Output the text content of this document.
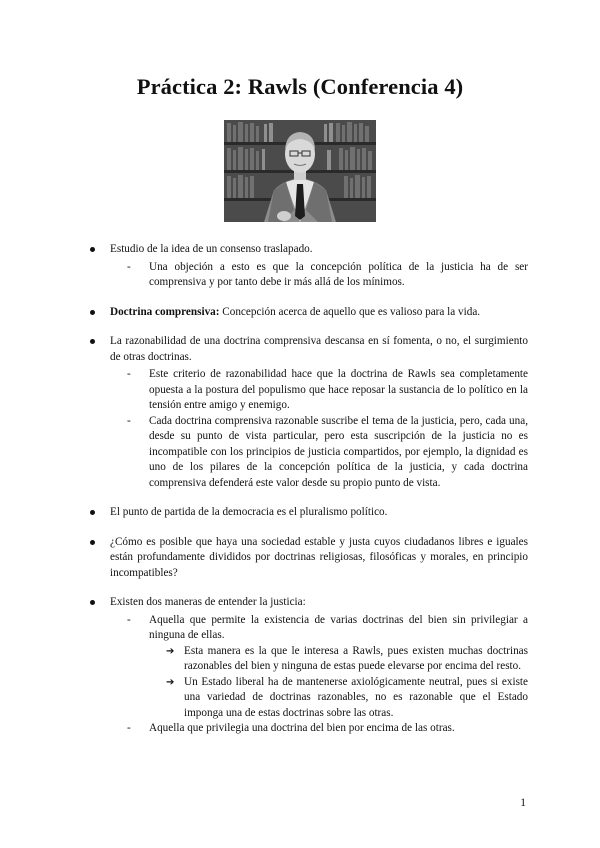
Práctica 2: Rawls (Conferencia 4)
Estudio de la idea de un consenso traslapado.
- Una objeción a esto es que la concepción política de la justicia ha de ser comprensiva y por tanto debe ir más allá de los mínimos.
Doctrina comprensiva: Concepción acerca de aquello que es valioso para la vida.
La razonabilidad de una doctrina comprensiva descansa en sí fomenta, o no, el surgimiento de otras doctrinas.
- Este criterio de razonabilidad hace que la doctrina de Rawls sea completamente opuesta a la postura del populismo que hace reposar la sustancia de lo político en la tensión entre amigo y enemigo.
- Cada doctrina comprensiva razonable suscribe el tema de la justicia, pero, cada una, desde su punto de vista particular, pero esta suscripción de la justicia no es incompatible con los principios de justicia compartidos, por ejemplo, la dignidad es uno de los pilares de la concepción política de la justicia, y cada doctrina comprensiva defenderá este valor desde su propio punto de vista.
El punto de partida de la democracia es el pluralismo político.
¿Cómo es posible que haya una sociedad estable y justa cuyos ciudadanos libres e iguales están profundamente divididos por doctrinas religiosas, filosóficas y morales, en principio incompatibles?
Existen dos maneras de entender la justicia:
- Aquella que permite la existencia de varias doctrinas del bien sin privilegiar a ninguna de ellas.
➔ Esta manera es la que le interesa a Rawls, pues existen muchas doctrinas razonables del bien y ninguna de estas puede elevarse por encima del resto.
➔ Un Estado liberal ha de mantenerse axiológicamente neutral, pues si existe una variedad de doctrinas razonables, no es razonable que el Estado imponga una de estas doctrinas sobre las otras.
- Aquella que privilegia una doctrina del bien por encima de las otras.
1
